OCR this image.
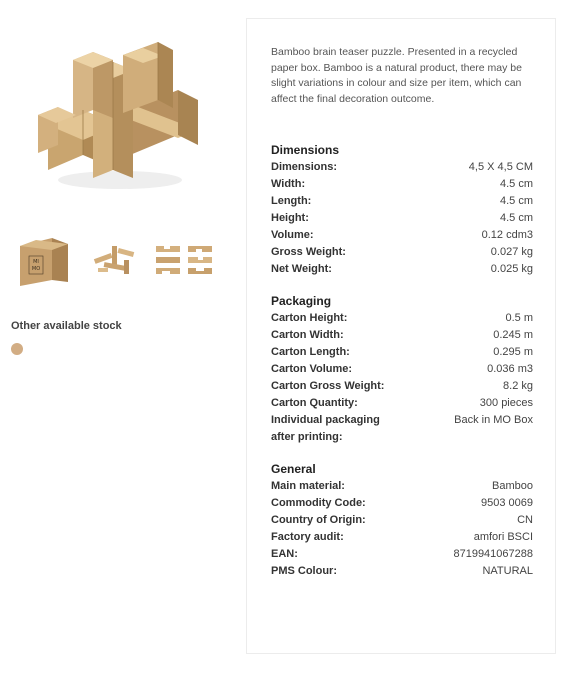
MI
MO
Other available stock
Bamboo brain teaser puzzle. Presented in a recycled paper box. Bamboo is a natural product, there may be slight variations in colour and size per item, which can affect the final decoration outcome.
Dimensions
Dimensions:	4,5 X 4,5 CM
Width:	4.5 cm
Length:	4.5 cm
Height:	4.5 cm
Volume:	0.12 cdm3
Gross Weight:	0.027 kg
Net Weight:	0.025 kg
Packaging
Carton Height:	0.5 m
Carton Width:	0.245 m
Carton Length:	0.295 m
Carton Volume:	0.036 m3
Carton Gross Weight:	8.2 kg
Carton Quantity:	300 pieces
Individual packaging after printing:
Back in MO Box
General
Main material:	Bamboo
Commodity Code:	9503 0069
Country of Origin:	CN
Factory audit:	amfori BSCI
EAN:	8719941067288
PMS Colour:	NATURAL
